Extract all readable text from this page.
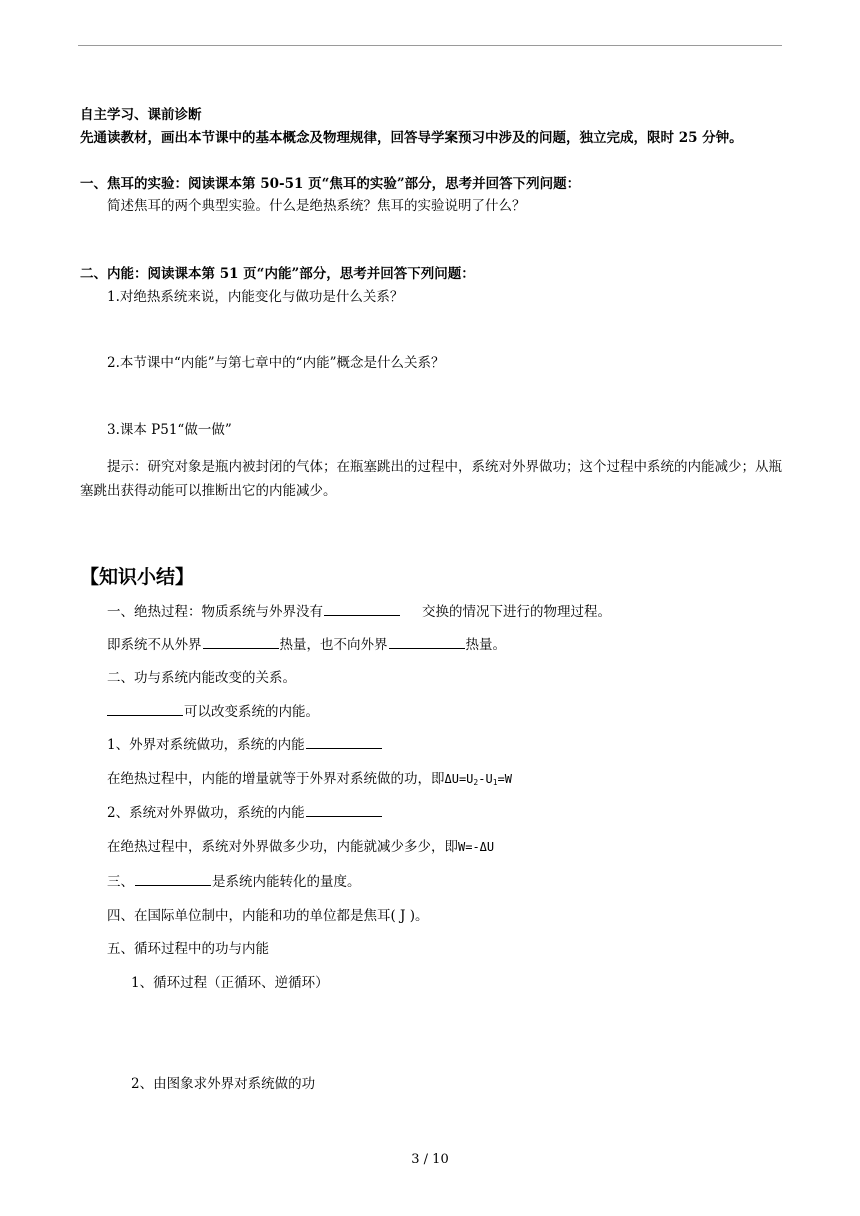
自主学习、课前诊断
先通读教材，画出本节课中的基本概念及物理规律，回答导学案预习中涉及的问题，独立完成，限时 25 分钟。
一、焦耳的实验：阅读课本第 50-51 页“焦耳的实验”部分，思考并回答下列问题：
简述焦耳的两个典型实验。什么是绝热系统？焦耳的实验说明了什么？
二、内能：阅读课本第 51 页“内能”部分，思考并回答下列问题：
1.对绝热系统来说，内能变化与做功是什么关系？
2.本节课中“内能”与第七章中的“内能”概念是什么关系？
3.课本 P51“做一做”
提示：研究对象是瓶内被封闭的气体；在瓶塞跳出的过程中，系统对外界做功；这个过程中系统的内能减少；从瓶塞跳出获得动能可以推断出它的内能减少。
【知识小结】
一、绝热过程：物质系统与外界没有	交换的情况下进行的物理过程。
即系统不从外界	热量，也不向外界	热量。
二、功与系统内能改变的关系。
可以改变系统的内能。
1、外界对系统做功，系统的内能
在绝热过程中，内能的增量就等于外界对系统做的功，即$\Delta U=U_2-U_1=W$
2、系统对外界做功，系统的内能
在绝热过程中，系统对外界做多少功，内能就减少多少，即W=-ΔU
三、	是系统内能转化的量度。
四、在国际单位制中，内能和功的单位都是焦耳( J )。
五、循环过程中的功与内能
1、循环过程（正循环、逆循环）
2、由图象求外界对系统做的功
3 / 10
